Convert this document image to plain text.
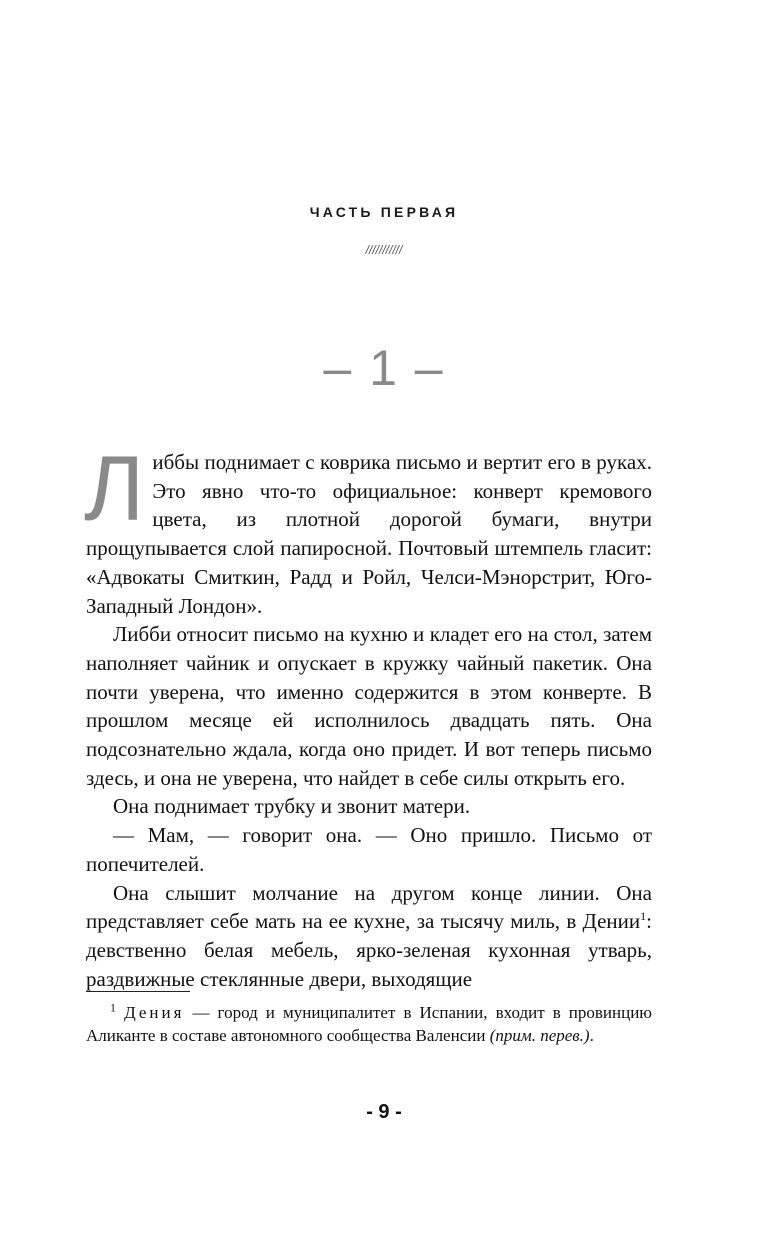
ЧАСТЬ ПЕРВАЯ
///////////
– 1 –

Либбы поднимает с коврика письмо и вертит его в руках. Это явно что-то официальное: конверт кремового цвета, из плотной дорогой бумаги, внутри прощупывается слой папиросной. Почтовый штемпель гласит: «Адвокаты Смиткин, Радд и Ройл, Челси-Мэнорстрит, Юго-Западный Лондон».

Либби относит письмо на кухню и кладет его на стол, затем наполняет чайник и опускает в кружку чайный пакетик. Она почти уверена, что именно содержится в этом конверте. В прошлом месяце ей исполнилось двадцать пять. Она подсознательно ждала, когда оно придет. И вот теперь письмо здесь, и она не уверена, что найдет в себе силы открыть его.

Она поднимает трубку и звонит матери.

— Мам, — говорит она. — Оно пришло. Письмо от попечителей.

Она слышит молчание на другом конце линии. Она представляет себе мать на ее кухне, за тысячу миль, в Дении$^1$: девственно белая мебель, ярко-зеленая кухонная утварь, раздвижные стеклянные двери, выходящие

$^1$ Дения — город и муниципалитет в Испании, входит в провинцию Аликанте в составе автономного сообщества Валенсии (прим. перев.).
- 9 -
